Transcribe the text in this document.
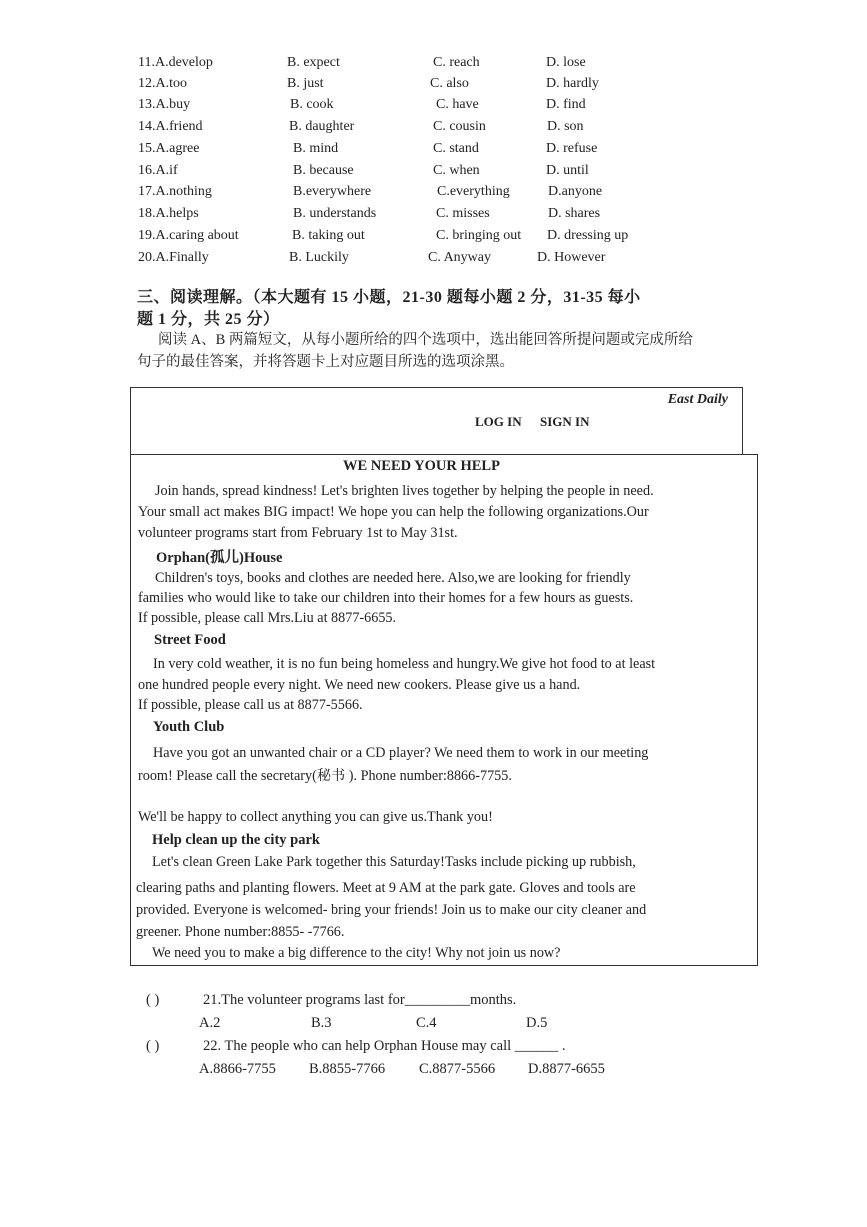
11.A.develop	B. expect	C. reach	D. lose
12.A.too	B. just	C. also	D. hardly
13.A.buy	B. cook	C. have	D. find
14.A.friend	B. daughter	C. cousin	D. son
15.A.agree	B. mind	C. stand	D. refuse
16.A.if	B. because	C. when	D. until
17.A.nothing	B.everywhere	C.everything	D.anyone
18.A.helps	B. understands	C. misses	D. shares
19.A.caring about	B. taking out	C. bringing out D. dressing up
20.A.Finally	B. Luckily	C. Anyway	D. However
三、阅读理解。（本大题有 15 小题，21-30 题每小题 2 分，31-35 每小
题 1 分，共 25 分）
阅读 A、B 两篇短文，从每小题所给的四个选项中，选出能回答所提问题或完成所给
句子的最佳答案，并将答题卡上对应题目所选的选项涂黑。
East Daily
LOG IN SIGN IN
WE NEED YOUR HELP
Join hands, spread kindness! Let's brighten lives together by helping the people in need.
Your small act makes BIG impact! We hope you can help the following organizations.Our
volunteer programs start from February 1st to May 31st.
Orphan(孤儿)House
Children's toys, books and clothes are needed here. Also,we are looking for friendly
families who would like to take our children into their homes for a few hours as guests.
If possible, please call Mrs.Liu at 8877-6655.
Street Food
In very cold weather, it is no fun being homeless and hungry.We give hot food to at least
one hundred people every night. We need new cookers. Please give us a hand.
If possible, please call us at 8877-5566.
Youth Club
Have you got an unwanted chair or a CD player? We need them to work in our meeting
room! Please call the secretary(秘书 ). Phone number:8866-7755.
We'll be happy to collect anything you can give us.Thank you!
Help clean up the city park
Let's clean Green Lake Park together this Saturday!Tasks include picking up rubbish,
clearing paths and planting flowers. Meet at 9 AM at the park gate. Gloves and tools are
provided. Everyone is welcomed- bring your friends! Join us to make our city cleaner and
greener. Phone number:8855- -7766.
We need you to make a big difference to the city! Why not join us now?
( )	21.The volunteer programs last for_________months.
A.2	B.3	C.4	D.5
( )	22. The people who can help Orphan House may call ______ .
A.8866-7755 B.8855-7766 C.8877-5566 D.8877-6655
